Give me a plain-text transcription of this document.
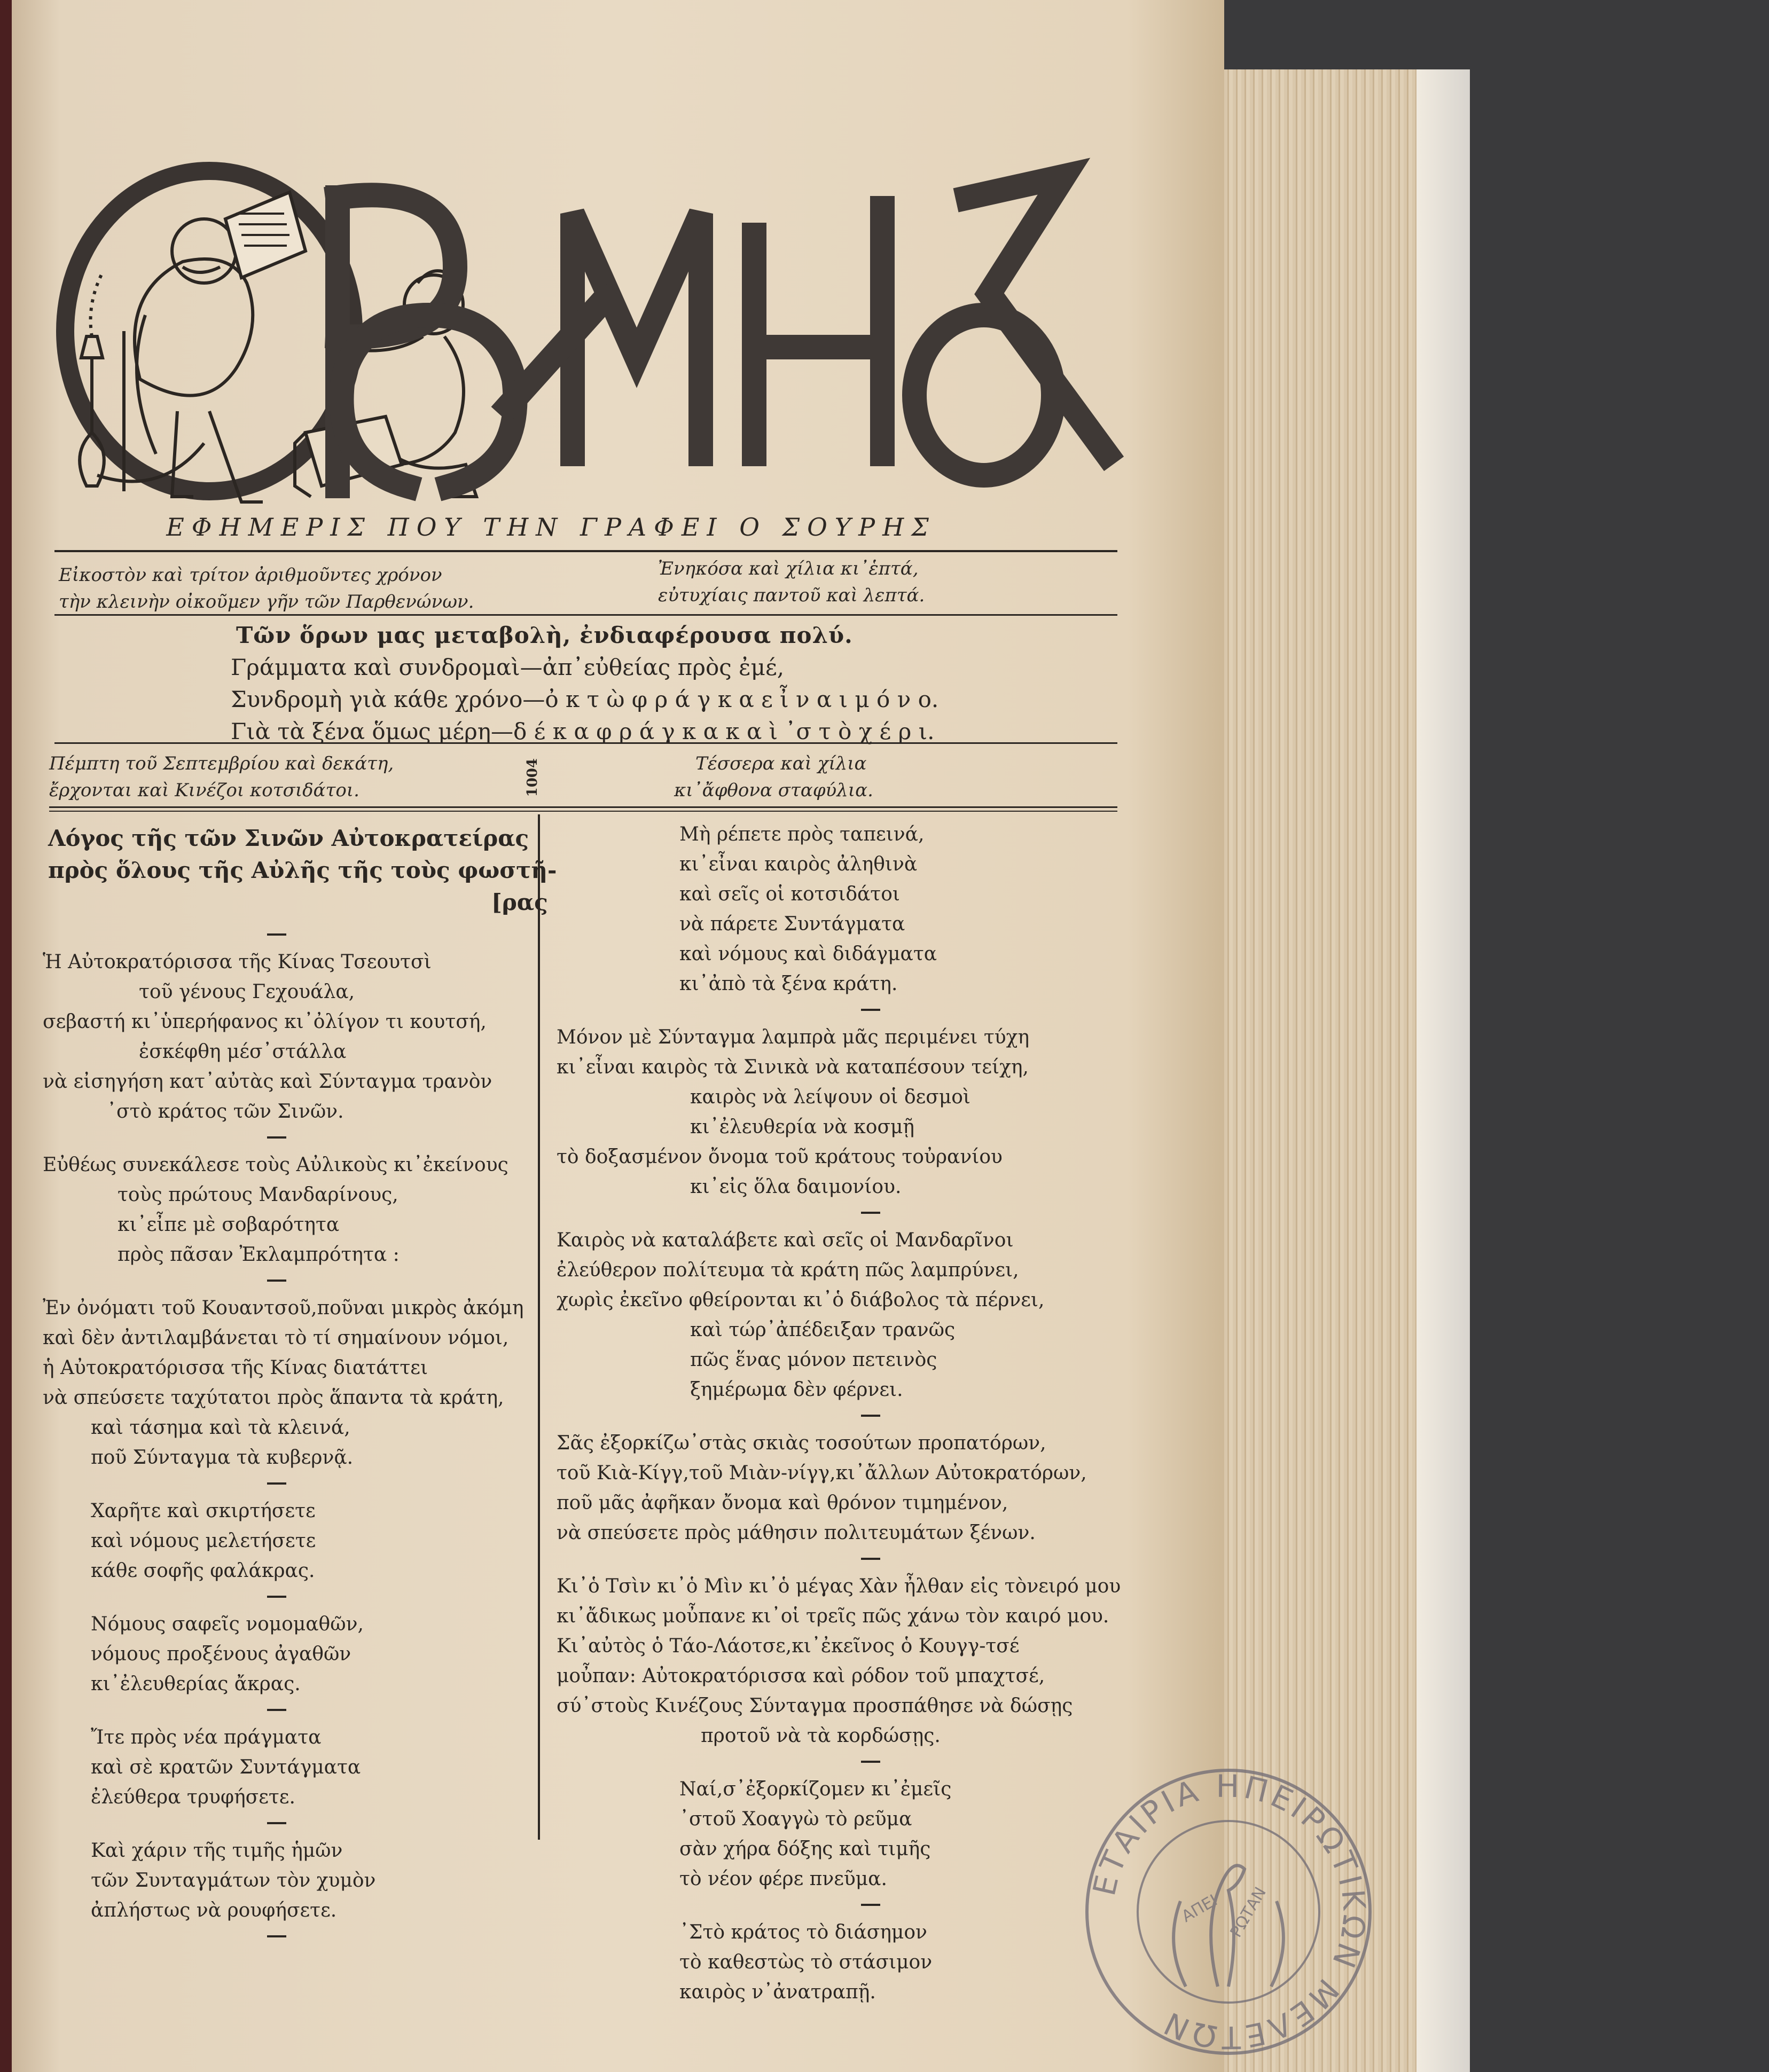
ΕΦΗΜΕΡΙΣ ΠΟΥ ΤΗΝ ΓΡΑΦΕΙ Ο ΣΟΥΡΗΣ

Εἰκοστὸν καὶ τρίτον ἀριθμοῦντες χρόνον

τὴν κλεινὴν οἰκοῦμεν γῆν τῶν Παρθενώνων.

Ἐνηκόσα καὶ χίλια κι᾽ἑπτά,

εὐτυχίαις παντοῦ καὶ λεπτά.

Τῶν ὅρων μας μεταβολὴ, ἐνδιαφέρουσα πολύ.

Γράμματα καὶ συνδρομαὶ—ἀπ᾽εὐθείας πρὸς ἐμέ,

Συνδρομὴ γιὰ κάθε χρόνο—ὀ κ τ ὼ φ ρ ά γ κ α ε ἶ ν α ι μ ό ν ο.

Γιὰ τὰ ξένα ὅμως μέρη—δ έ κ α φ ρ ά γ κ α κ α ὶ ᾽σ τ ὸ χ έ ρ ι.

Πέμπτη τοῦ Σεπτεμβρίου καὶ δεκάτη,

ἔρχονται καὶ Κινέζοι κοτσιδάτοι.	1004	Τέσσερα καὶ χίλια

κι᾽ἄφθονα σταφύλια.

Λόγος τῆς τῶν Σινῶν Αὐτοκρατείρας

πρὸς ὅλους τῆς Αὐλῆς τῆς τοὺς φωστῆ-

[ρας

Ἡ Αὐτοκρατόρισσα τῆς Κίνας Τσεουτσὶ

τοῦ γένους Γεχουάλα,

σεβαστή κι᾽ὑπερήφανος κι᾽ὀλίγον τι κουτσή,

ἐσκέφθη μέσ᾽στάλλα

νὰ εἰσηγήση κατ᾽αὐτὰς καὶ Σύνταγμα τρανὸν

᾽στὸ κράτος τῶν Σινῶν.

Εὐθέως συνεκάλεσε τοὺς Αὐλικοὺς κι᾽ἐκείνους

τοὺς πρώτους Μανδαρίνους,

κι᾽εἶπε μὲ σοβαρότητα

πρὸς πᾶσαν Ἐκλαμπρότητα :

Ἐν ὀνόματι τοῦ Κουαντσοῦ,ποῦναι μικρὸς ἀκόμη

καὶ δὲν ἀντιλαμβάνεται τὸ τί σημαίνουν νόμοι,

ἡ Αὐτοκρατόρισσα τῆς Κίνας διατάττει

νὰ σπεύσετε ταχύτατοι πρὸς ἅπαντα τὰ κράτη,

καὶ τάσημα καὶ τὰ κλεινά,

ποῦ Σύνταγμα τὰ κυβερνᾷ.

Χαρῆτε καὶ σκιρτήσετε

καὶ νόμους μελετήσετε

κάθε σοφῆς φαλάκρας.

Νόμους σαφεῖς νομομαθῶν,

νόμους προξένους ἀγαθῶν

κι᾽ἐλευθερίας ἄκρας.

Ἴτε πρὸς νέα πράγματα

καὶ σὲ κρατῶν Συντάγματα

ἐλεύθερα τρυφήσετε.

Καὶ χάριν τῆς τιμῆς ἡμῶν

τῶν Συνταγμάτων τὸν χυμὸν

ἀπλήστως νὰ ρουφήσετε.

Μὴ ρέπετε πρὸς ταπεινά,

κι᾽εἶναι καιρὸς ἀληθινὰ

καὶ σεῖς οἱ κοτσιδάτοι

νὰ πάρετε Συντάγματα

καὶ νόμους καὶ διδάγματα

κι᾽ἀπὸ τὰ ξένα κράτη.

Μόνον μὲ Σύνταγμα λαμπρὰ μᾶς περιμένει τύχη

κι᾽εἶναι καιρὸς τὰ Σινικὰ νὰ καταπέσουν τείχη,

καιρὸς νὰ λείψουν οἱ δεσμοὶ

κι᾽ἐλευθερία νὰ κοσμῇ

τὸ δοξασμένον ὄνομα τοῦ κράτους τοὐρανίου

κι᾽εἰς ὅλα δαιμονίου.

Καιρὸς νὰ καταλάβετε καὶ σεῖς οἱ Μανδαρῖνοι

ἐλεύθερον πολίτευμα τὰ κράτη πῶς λαμπρύνει,

χωρὶς ἐκεῖνο φθείρονται κι᾽ὁ διάβολος τὰ πέρνει,

καὶ τώρ᾽ἀπέδειξαν τρανῶς

πῶς ἕνας μόνον πετεινὸς

ξημέρωμα δὲν φέρνει.

Σᾶς ἐξορκίζω᾽στὰς σκιὰς τοσούτων προπατόρων,

τοῦ Κιὰ-Κίγγ,τοῦ Μιὰν-νίγγ,κι᾽ἄλλων Αὐτοκρατόρων,

ποῦ μᾶς ἀφῆκαν ὄνομα καὶ θρόνον τιμημένον,

νὰ σπεύσετε πρὸς μάθησιν πολιτευμάτων ξένων.

Κι᾽ὁ Τσὶν κι᾽ὁ Μὶν κι᾽ὁ μέγας Χὰν ἦλθαν εἰς τὸνειρό μου

κι᾽ἄδικως μοὖπανε κι᾽οἱ τρεῖς πῶς χάνω τὸν καιρό μου.

Κι᾽αὐτὸς ὁ Τάο-Λάοτσε,κι᾽ἐκεῖνος ὁ Κουγγ-τσέ

μοὖπαν: Αὐτοκρατόρισσα καὶ ρόδον τοῦ μπαχτσέ,

σύ᾽στοὺς Κινέζους Σύνταγμα προσπάθησε νὰ δώσῃς

προτοῦ νὰ τὰ κορδώσῃς.

Ναί,σ᾽ἐξορκίζομεν κι᾽ἐμεῖς

᾽στοῦ Χοαγγὼ τὸ ρεῦμα

σὰν χήρα δόξης καὶ τιμῆς

τὸ νέον φέρε πνεῦμα.

᾽Στὸ κράτος τὸ διάσημον

τὸ καθεστὼς τὸ στάσιμον

καιρὸς ν᾽ἀνατραπῇ.

ΕΤΑΙΡΙΑ ΗΠΕΙΡΩΤΙΚΩΝ ΜΕΛΕΤΩΝ
ΑΠΕΙ ΡΩΤΑΝ
